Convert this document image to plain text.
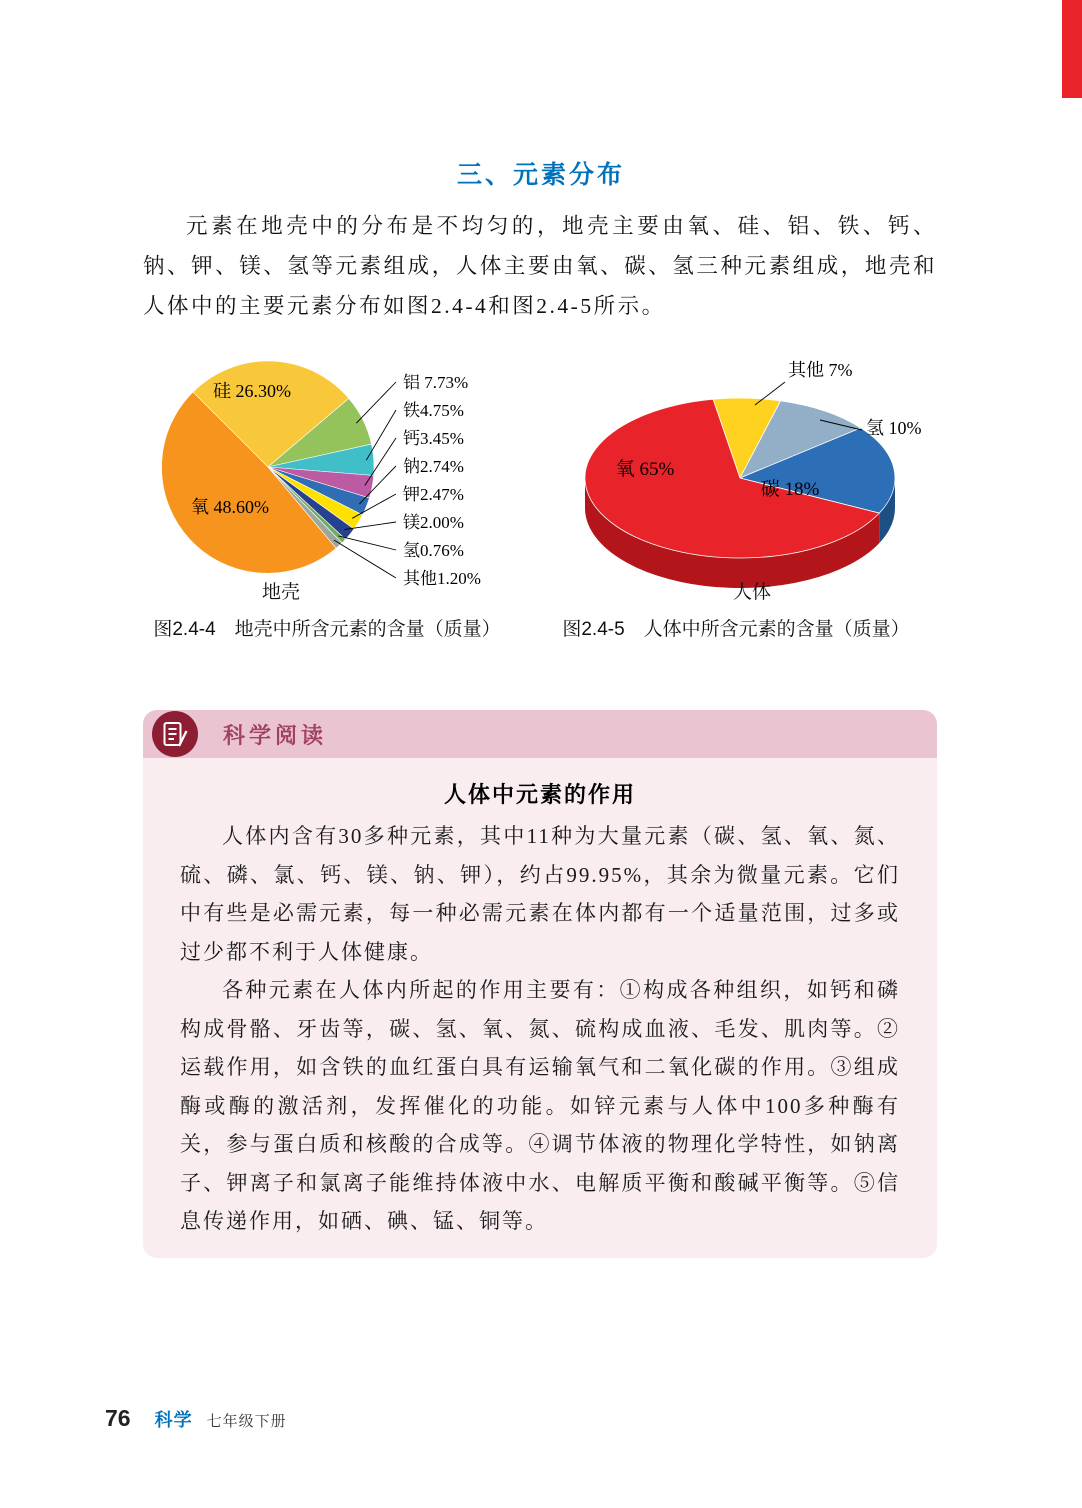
三、元素分布

元素在地壳中的分布是不均匀的，地壳主要由氧、硅、铝、铁、钙、钠、钾、镁、氢等元素组成，人体主要由氧、碳、氢三种元素组成，地壳和人体中的主要元素分布如图2.4-4和图2.4-5所示。

铝 7.73%
铁4.75%
钙3.45%
钠2.74%
钾2.47%
镁2.00%
氢0.76%
其他1.20%
硅 26.30%
氧 48.60%
地壳
图2.4-4　地壳中所含元素的含量（质量）
其他 7%
氢 10%
碳 18%
氧 65%
人体
图2.4-5　人体中所含元素的含量（质量）
科学阅读
人体中元素的作用

人体内含有30多种元素，其中11种为大量元素（碳、氢、氧、氮、硫、磷、氯、钙、镁、钠、钾），约占99.95%，其余为微量元素。它们中有些是必需元素，每一种必需元素在体内都有一个适量范围，过多或过少都不利于人体健康。

各种元素在人体内所起的作用主要有：①构成各种组织，如钙和磷构成骨骼、牙齿等，碳、氢、氧、氮、硫构成血液、毛发、肌肉等。②运载作用，如含铁的血红蛋白具有运输氧气和二氧化碳的作用。③组成酶或酶的激活剂，发挥催化的功能。如锌元素与人体中100多种酶有关，参与蛋白质和核酸的合成等。④调节体液的物理化学特性，如钠离子、钾离子和氯离子能维持体液中水、电解质平衡和酸碱平衡等。⑤信息传递作用，如硒、碘、锰、铜等。

76 科学 七年级下册
